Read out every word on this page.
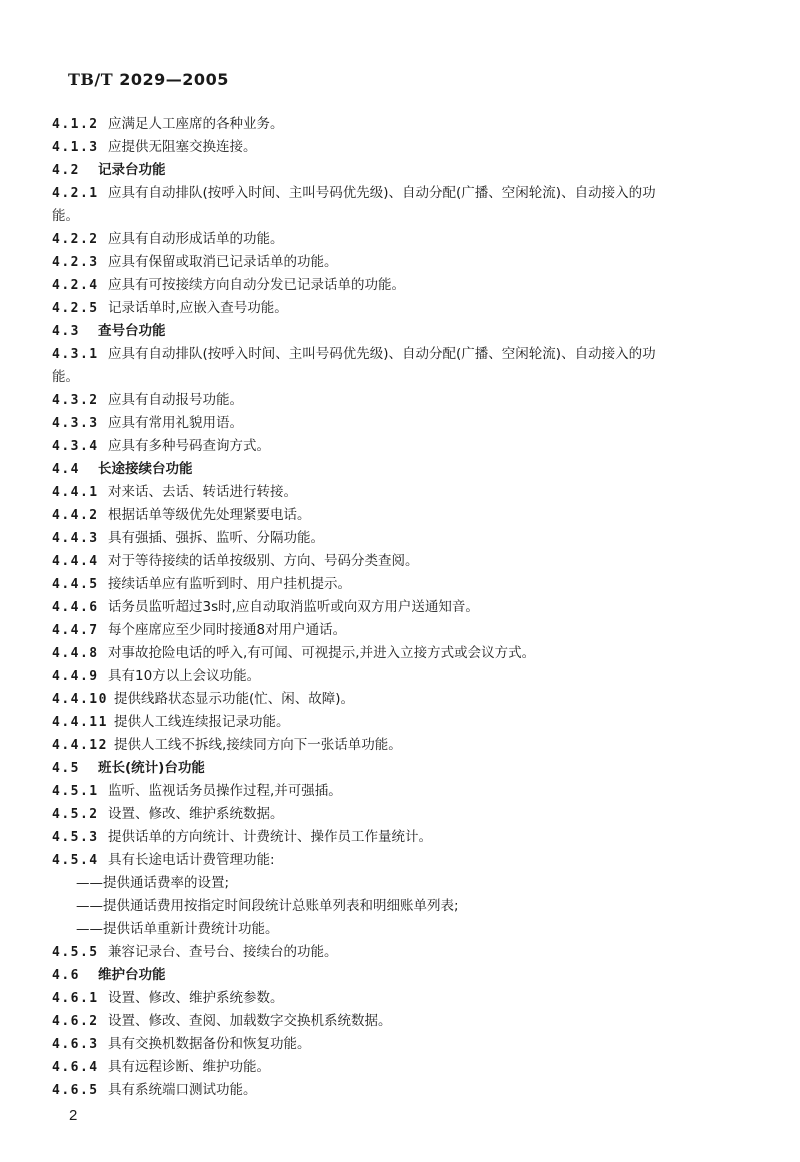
TB/T 2029—2005
4.1.2 应满足人工座席的各种业务。
4.1.3 应提供无阻塞交换连接。
4.2 记录台功能
4.2.1 应具有自动排队(按呼入时间、主叫号码优先级)、自动分配(广播、空闲轮流)、自动接入的功
能。
4.2.2 应具有自动形成话单的功能。
4.2.3 应具有保留或取消已记录话单的功能。
4.2.4 应具有可按接续方向自动分发已记录话单的功能。
4.2.5 记录话单时,应嵌入查号功能。
4.3 查号台功能
4.3.1 应具有自动排队(按呼入时间、主叫号码优先级)、自动分配(广播、空闲轮流)、自动接入的功
能。
4.3.2 应具有自动报号功能。
4.3.3 应具有常用礼貌用语。
4.3.4 应具有多种号码查询方式。
4.4 长途接续台功能
4.4.1 对来话、去话、转话进行转接。
4.4.2 根据话单等级优先处理紧要电话。
4.4.3 具有强插、强拆、监听、分隔功能。
4.4.4 对于等待接续的话单按级别、方向、号码分类查阅。
4.4.5 接续话单应有监听到时、用户挂机提示。
4.4.6 话务员监听超过3s时,应自动取消监听或向双方用户送通知音。
4.4.7 每个座席应至少同时接通8对用户通话。
4.4.8 对事故抢险电话的呼入,有可闻、可视提示,并进入立接方式或会议方式。
4.4.9 具有10方以上会议功能。
4.4.10 提供线路状态显示功能(忙、闲、故障)。
4.4.11 提供人工线连续报记录功能。
4.4.12 提供人工线不拆线,接续同方向下一张话单功能。
4.5 班长(统计)台功能
4.5.1 监听、监视话务员操作过程,并可强插。
4.5.2 设置、修改、维护系统数据。
4.5.3 提供话单的方向统计、计费统计、操作员工作量统计。
4.5.4 具有长途电话计费管理功能:
——提供通话费率的设置;
——提供通话费用按指定时间段统计总账单列表和明细账单列表;
——提供话单重新计费统计功能。
4.5.5 兼容记录台、查号台、接续台的功能。
4.6 维护台功能
4.6.1 设置、修改、维护系统参数。
4.6.2 设置、修改、查阅、加载数字交换机系统数据。
4.6.3 具有交换机数据备份和恢复功能。
4.6.4 具有远程诊断、维护功能。
4.6.5 具有系统端口测试功能。
2
